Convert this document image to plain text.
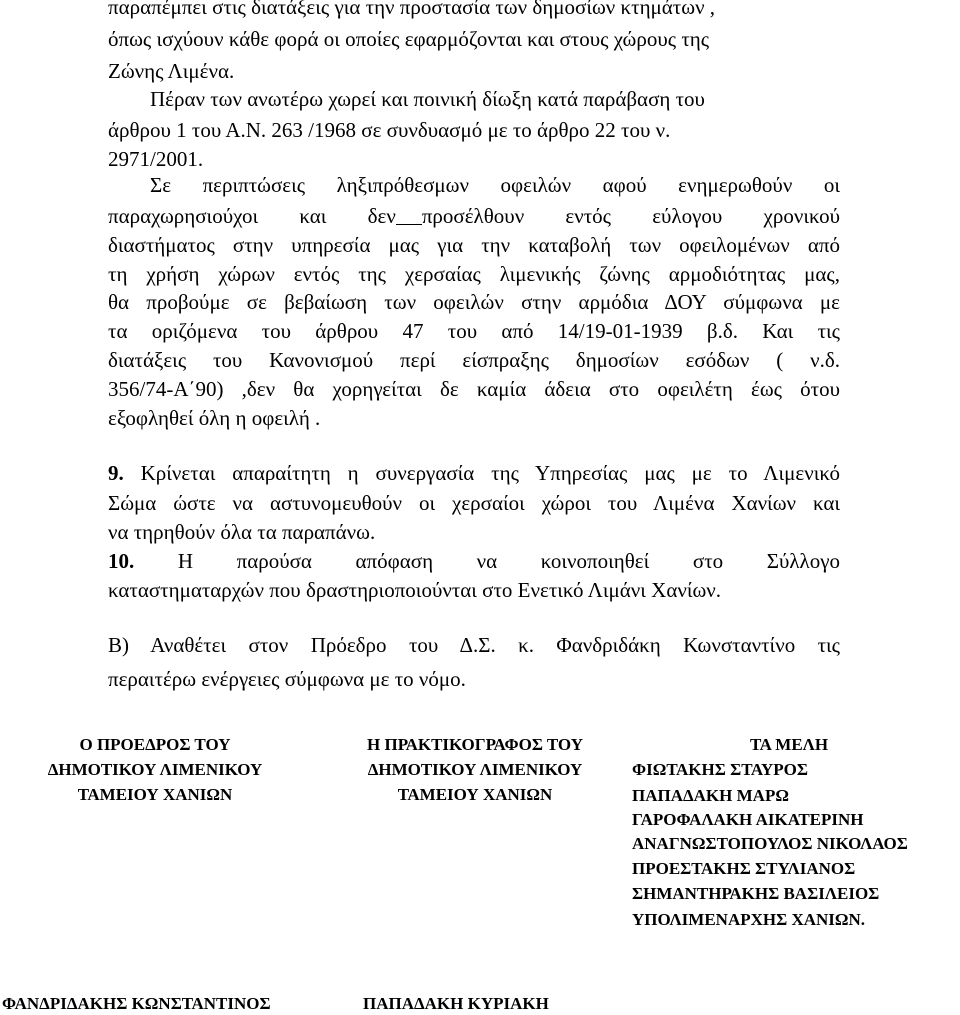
παραπέμπει στις διατάξεις για την προστασία των δημοσίων κτημάτων ,
όπως ισχύουν κάθε φορά οι οποίες εφαρμόζονται και στους χώρους της
Ζώνης Λιμένα.
Πέραν των ανωτέρω χωρεί και ποινική δίωξη κατά παράβαση του
άρθρου 1 του Α.Ν. 263 /1968 σε συνδυασμό με το άρθρο 22 του ν.
2971/2001.
Σε περιπτώσεις ληξιπρόθεσμων οφειλών αφού ενημερωθούν οι
παραχωρησιούχοι και δεν προσέλθουν εντός εύλογου χρονικού
διαστήματος στην υπηρεσία μας για την καταβολή των οφειλομένων από
τη χρήση χώρων εντός της χερσαίας λιμενικής ζώνης αρμοδιότητας μας,
θα προβούμε σε βεβαίωση των οφειλών στην αρμόδια ΔΟΥ σύμφωνα με
τα οριζόμενα του άρθρου 47 του από 14/19-01-1939 β.δ. Και τις
διατάξεις του Κανονισμού περί είσπραξης δημοσίων εσόδων ( ν.δ.
356/74-Α΄90) ,δεν θα χορηγείται δε καμία άδεια στο οφειλέτη έως ότου
εξοφληθεί όλη η οφειλή .
9. Κρίνεται απαραίτητη η συνεργασία της Υπηρεσίας μας με το Λιμενικό
Σώμα ώστε να αστυνομευθούν οι χερσαίοι χώροι του Λιμένα Χανίων και
να τηρηθούν όλα τα παραπάνω.
10. Η παρούσα απόφαση να κοινοποιηθεί στο Σύλλογο
καταστηματαρχών που δραστηριοποιούνται στο Ενετικό Λιμάνι Χανίων.
Β) Αναθέτει στον Πρόεδρο του Δ.Σ. κ. Φανδριδάκη Κωνσταντίνο τις
περαιτέρω ενέργειες σύμφωνα με το νόμο.
Ο ΠΡΟΕΔΡΟΣ ΤΟΥ
ΔΗΜΟΤΙΚΟΥ ΛΙΜΕΝΙΚΟΥ
ΤΑΜΕΙΟΥ ΧΑΝΙΩΝ
Η ΠΡΑΚΤΙΚΟΓΡΑΦΟΣ ΤΟΥ
ΔΗΜΟΤΙΚΟΥ ΛΙΜΕΝΙΚΟΥ
ΤΑΜΕΙΟΥ ΧΑΝΙΩΝ
ΤΑ ΜΕΛΗ
ΦΙΩΤΑΚΗΣ ΣΤΑΥΡΟΣ
ΠΑΠΑΔΑΚΗ ΜΑΡΩ
ΓΑΡΟΦΑΛΑΚΗ ΑΙΚΑΤΕΡΙΝΗ
ΑΝΑΓΝΩΣΤΟΠΟΥΛΟΣ ΝΙΚΟΛΑΟΣ
ΠΡΟΕΣΤΑΚΗΣ ΣΤΥΛΙΑΝΟΣ
ΣΗΜΑΝΤΗΡΑΚΗΣ ΒΑΣΙΛΕΙΟΣ
ΥΠΟΛΙΜΕΝΑΡΧΗΣ ΧΑΝΙΩΝ.
ΦΑΝΔΡΙΔΑΚΗΣ ΚΩΝΣΤΑΝΤΙΝΟΣ	ΠΑΠΑΔΑΚΗ ΚΥΡΙΑΚΗ
